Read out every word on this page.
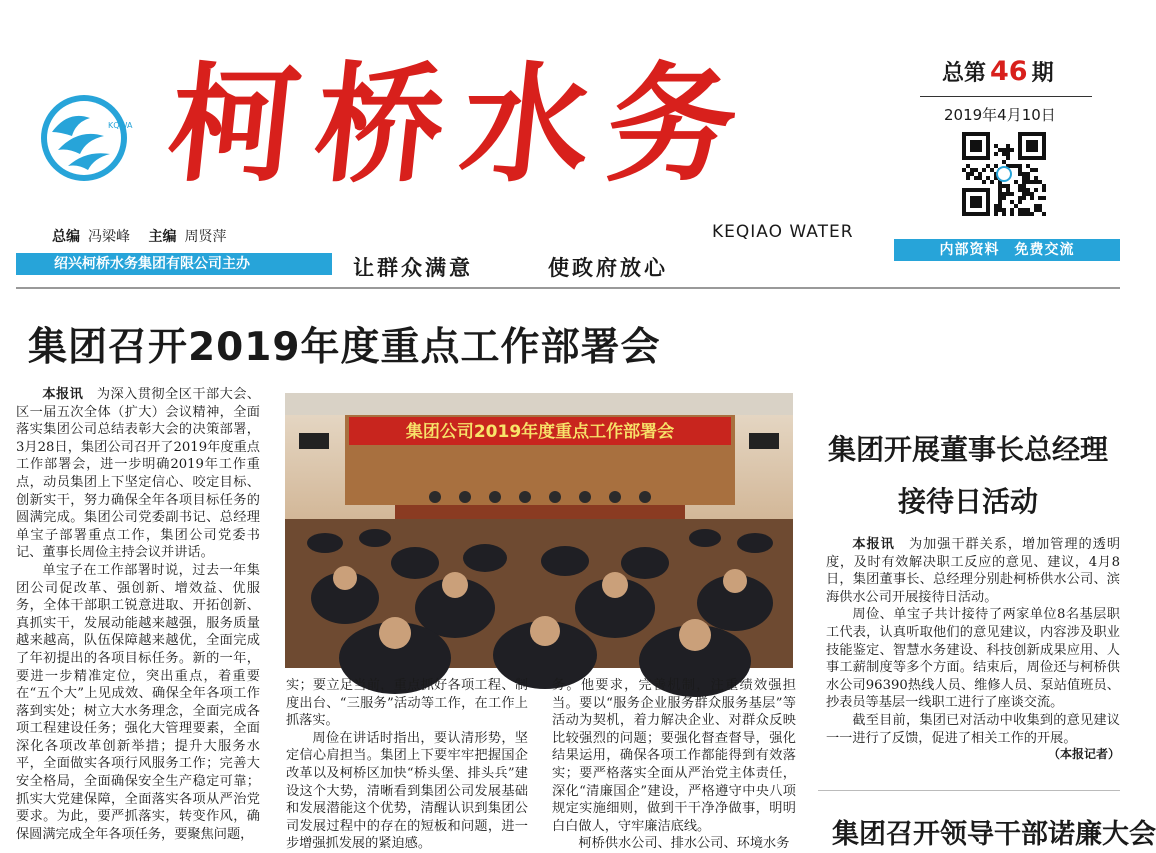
KQWA 柯桥水务	总第 46 期
2019年4月10日
KEQIAO WATER
总编 冯梁峰 主编 周贤萍
绍兴柯桥水务集团有限公司主办	让群众满意	使政府放心
内部资料　免费交流
集团召开2019年度重点工作部署会

本报讯　 为深入贯彻全区干部大会、区一届五次全体（扩大）会议精神，全面落实集团公司总结表彰大会的决策部署，3月28日，集团公司召开了2019年度重点工作部署会，进一步明确2019年工作重点，动员集团上下坚定信心、咬定目标、创新实干，努力确保全年各项目标任务的圆满完成。集团公司党委副书记、总经理单宝子部署重点工作，集团公司党委书记、董事长周俭主持会议并讲话。

单宝子在工作部署时说，过去一年集团公司促改革、强创新、增效益、优服务，全体干部职工锐意进取、开拓创新、真抓实干，发展动能越来越强，服务质量越来越高，队伍保障越来越优，全面完成了年初提出的各项目标任务。新的一年，要进一步精准定位，突出重点，着重要在“五个大”上见成效、确保全年各项工作落到实处；树立大水务理念，全面完成各项工程建设任务；强化大管理要素，全面深化各项改革创新举措；提升大服务水平，全面做实各项行风服务工作；完善大安全格局，全面确保安全生产稳定可靠；抓实大党建保障，全面落实各项从严治党要求。为此，要严抓落实，转变作风，确保圆满完成全年各项任务，要聚焦问题，

集团公司2019年度重点工作部署会

实；要立足当前，重点抓好各项工程、制度出台、“三服务”活动等工作，在工作上抓落实。

周俭在讲话时指出，要认清形势，坚定信心肩担当。集团上下要牢牢把握国企改革以及柯桥区加快“桥头堡、排头兵”建设这个大势，清晰看到集团公司发展基础和发展潜能这个优势，清醒认识到集团公司发展过程中的存在的短板和问题，进一步增强抓发展的紧迫感。

务。他要求，完善机制，注重绩效强担当。要以“服务企业服务群众服务基层”等活动为契机，着力解决企业、对群众反映比较强烈的问题；要强化督查督导，强化结果运用，确保各项工作都能得到有效落实；要严格落实全面从严治党主体责任，深化“清廉国企”建设，严格遵守中央八项规定实施细则，做到干干净净做事，明明白白做人，守牢廉洁底线。

柯桥供水公司、排水公司、环境水务

集团开展董事长总经理
接待日活动

本报讯　 为加强干群关系，增加管理的透明度，及时有效解决职工反应的意见、建议，4月8日，集团董事长、总经理分别赴柯桥供水公司、滨海供水公司开展接待日活动。

周俭、单宝子共计接待了两家单位8名基层职工代表，认真听取他们的意见建议，内容涉及职业技能鉴定、智慧水务建设、科技创新成果应用、人事工薪制度等多个方面。结束后，周俭还与柯桥供水公司96390热线人员、维修人员、泵站值班员、抄表员等基层一线职工进行了座谈交流。

截至目前，集团已对活动中收集到的意见建议一一进行了反馈，促进了相关工作的开展。

（本报记者）
集团召开领导干部诺廉大会
